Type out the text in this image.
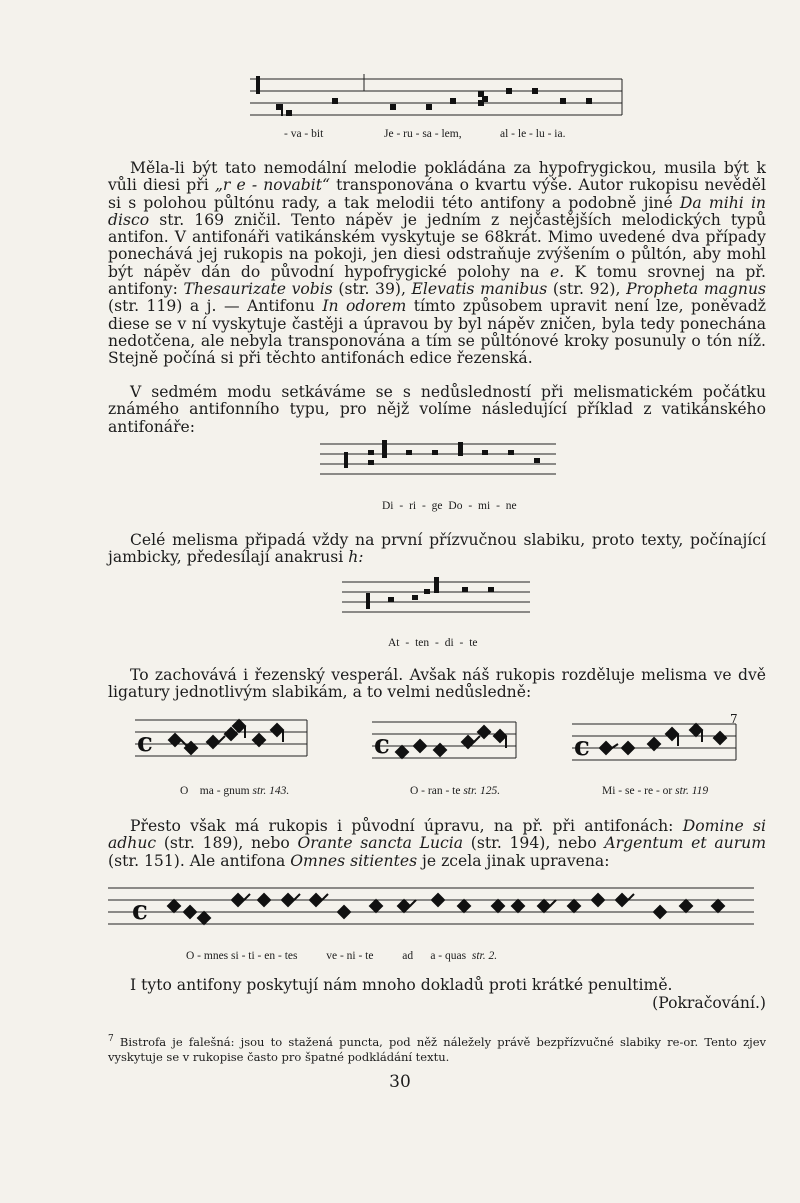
- va - bit	Je - ru - sa - lem,	al - le - lu - ia.

Měla-li být tato nemodální melodie pokládána za hypofrygickou, musila být k vůli diesi při „r e - novabit“ transponována o kvartu výše. Autor rukopisu nevěděl si s polohou půltónu rady, a tak melodii této antifony a podobně jiné Da mihi in disco str. 169 zničil. Tento nápěv je jedním z nejčastějších melodických typů antifon. V antifonáři vatikánském vyskytuje se 68krát. Mimo uvedené dva případy ponechává jej rukopis na pokoji, jen diesi odstraňuje zvýšením o půltón, aby mohl být nápěv dán do původní hypofrygické polohy na e. K tomu srovnej na př. antifony: Thesaurizate vobis (str. 39), Elevatis manibus (str. 92), Propheta magnus (str. 119) a j. — Antifonu In odorem tímto způsobem upravit není lze, poněvadž diese se v ní vyskytuje častěji a úpravou by byl nápěv zničen, byla tedy ponechána nedotčena, ale nebyla transponována a tím se půltónové kroky posunuly o tón níž. Stejně počíná si při těchto antifonách edice řezenská.

V sedmém modu setkáváme se s nedůsledností při melismatickém počátku známého antifonního typu, pro nějž volíme následující příklad z vatikánského antifonáře:

Di - ri - ge Do - mi - ne

Celé melisma připadá vždy na první přízvučnou slabiku, proto texty, počínající jambicky, předesílají anakrusi h:

At - ten - di - te

To zachovává i řezenský vesperál. Avšak náš rukopis rozděluje melisma ve dvě ligatury jednotlivým slabikám, a to velmi nedůsledně:

7
c
O    ma - gnum str. 143.
c
O - ran - te str. 125.
c
Mi - se - re - or str. 119

Přesto však má rukopis i původní úpravu, na př. při antifonách: Domine si adhuc (str. 189), nebo Orante sancta Lucia (str. 194), nebo Argentum et aurum (str. 151). Ale antifona Omnes sitientes je zcela jinak upravena:

c
O - mnes si - ti - en - tes          ve - ni - te          ad      a - quas str. 2.

I tyto antifony poskytují nám mnoho dokladů proti krátké penultimě.

(Pokračování.)

$^7$ Bistrofa je falešná: jsou to stažená puncta, pod něž náležely právě bezpřízvučné slabiky re-or. Tento zjev vyskytuje se v rukopise často pro špatné podkládání textu.

30
